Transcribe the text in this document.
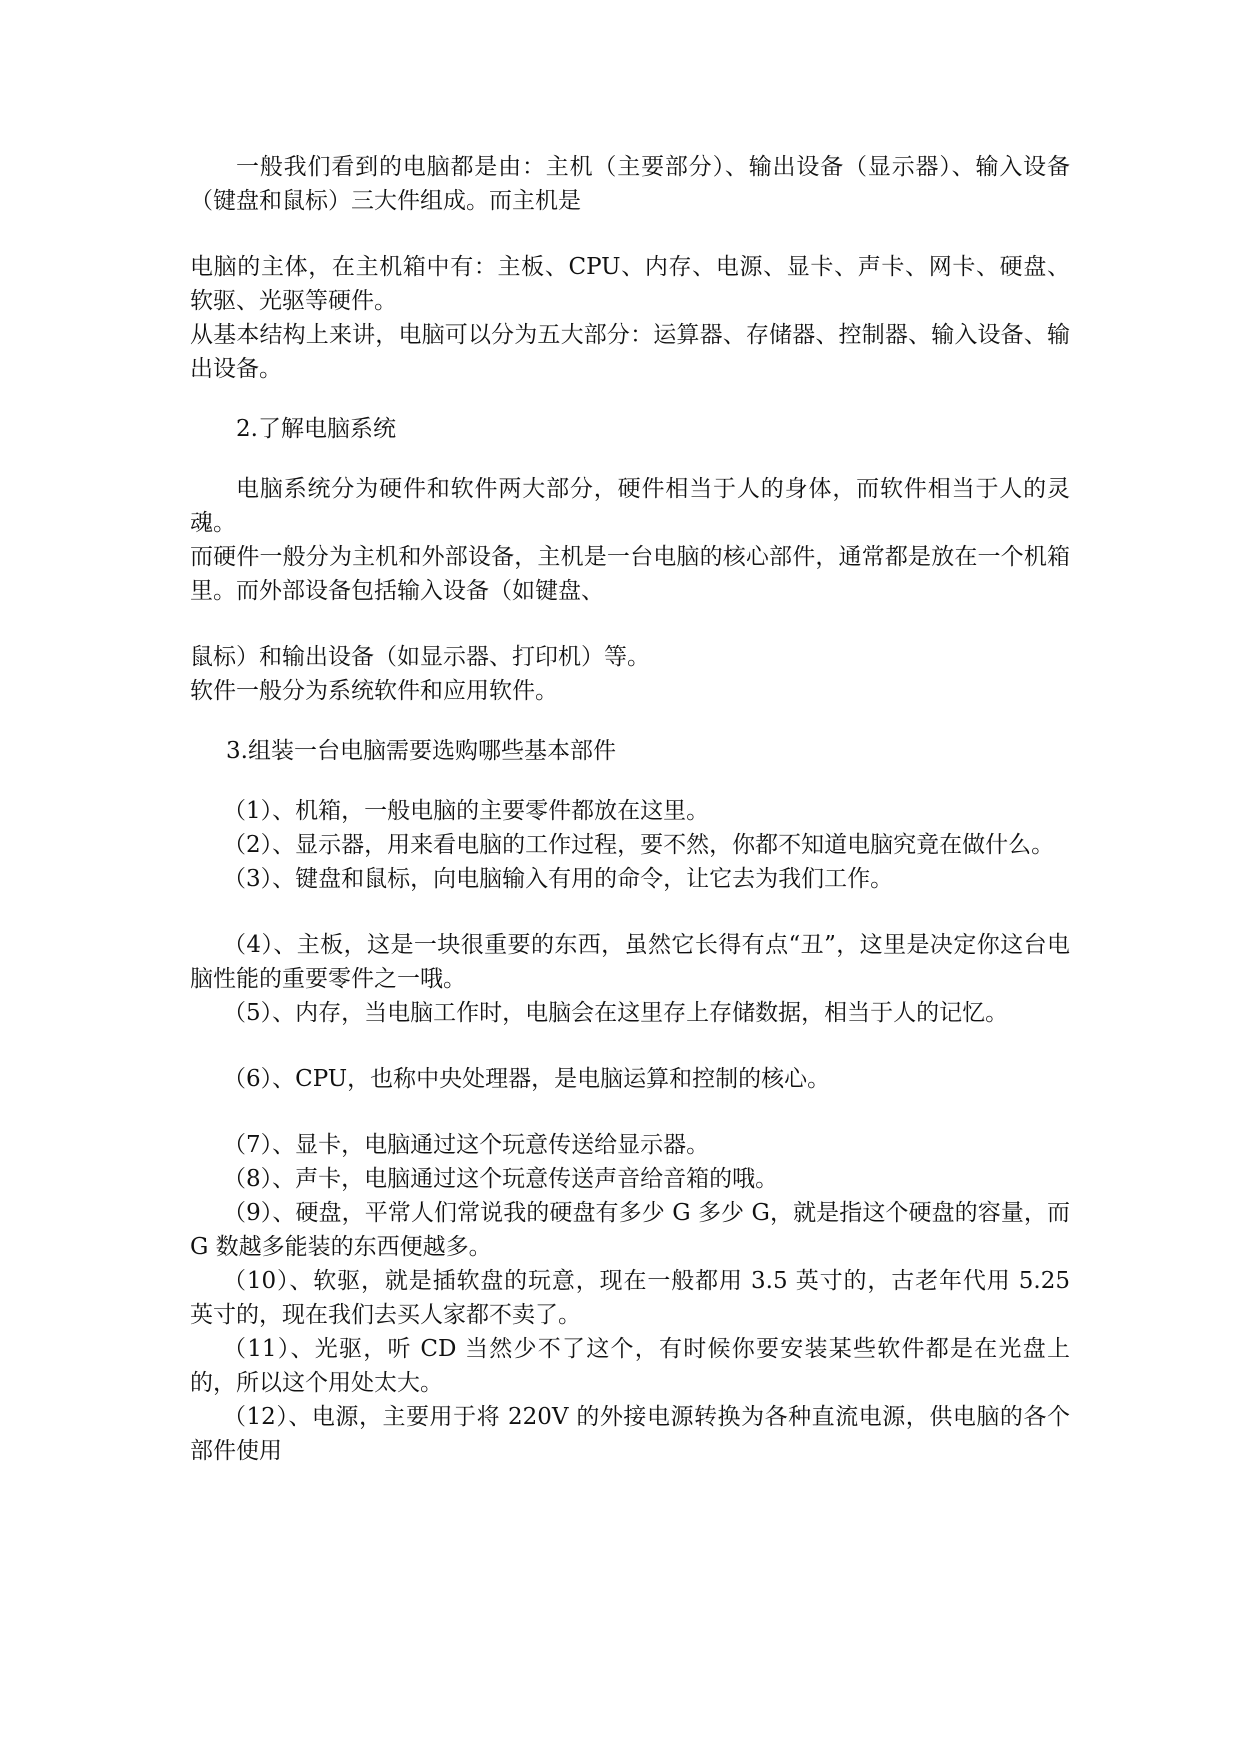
一般我们看到的电脑都是由：主机（主要部分）、输出设备（显示器）、输入设备（键盘和鼠标）三大件组成。而主机是

电脑的主体，在主机箱中有：主板、CPU、内存、电源、显卡、声卡、网卡、硬盘、软驱、光驱等硬件。

从基本结构上来讲，电脑可以分为五大部分：运算器、存储器、控制器、输入设备、输出设备。

2.了解电脑系统

电脑系统分为硬件和软件两大部分，硬件相当于人的身体，而软件相当于人的灵魂。

而硬件一般分为主机和外部设备，主机是一台电脑的核心部件，通常都是放在一个机箱里。而外部设备包括输入设备（如键盘、

鼠标）和输出设备（如显示器、打印机）等。

软件一般分为系统软件和应用软件。

3.组装一台电脑需要选购哪些基本部件

（1）、机箱，一般电脑的主要零件都放在这里。

（2）、显示器，用来看电脑的工作过程，要不然，你都不知道电脑究竟在做什么。

（3）、键盘和鼠标，向电脑输入有用的命令，让它去为我们工作。

（4）、主板，这是一块很重要的东西，虽然它长得有点“丑”，这里是决定你这台电脑性能的重要零件之一哦。

（5）、内存，当电脑工作时，电脑会在这里存上存储数据，相当于人的记忆。

（6）、CPU，也称中央处理器，是电脑运算和控制的核心。

（7）、显卡，电脑通过这个玩意传送给显示器。

（8）、声卡，电脑通过这个玩意传送声音给音箱的哦。

（9）、硬盘，平常人们常说我的硬盘有多少 G 多少 G，就是指这个硬盘的容量，而 G 数越多能装的东西便越多。

（10）、软驱，就是插软盘的玩意，现在一般都用 3.5 英寸的，古老年代用 5.25 英寸的，现在我们去买人家都不卖了。

（11）、光驱，听 CD 当然少不了这个，有时候你要安装某些软件都是在光盘上的，所以这个用处太大。

（12）、电源，主要用于将 220V 的外接电源转换为各种直流电源，供电脑的各个部件使用
